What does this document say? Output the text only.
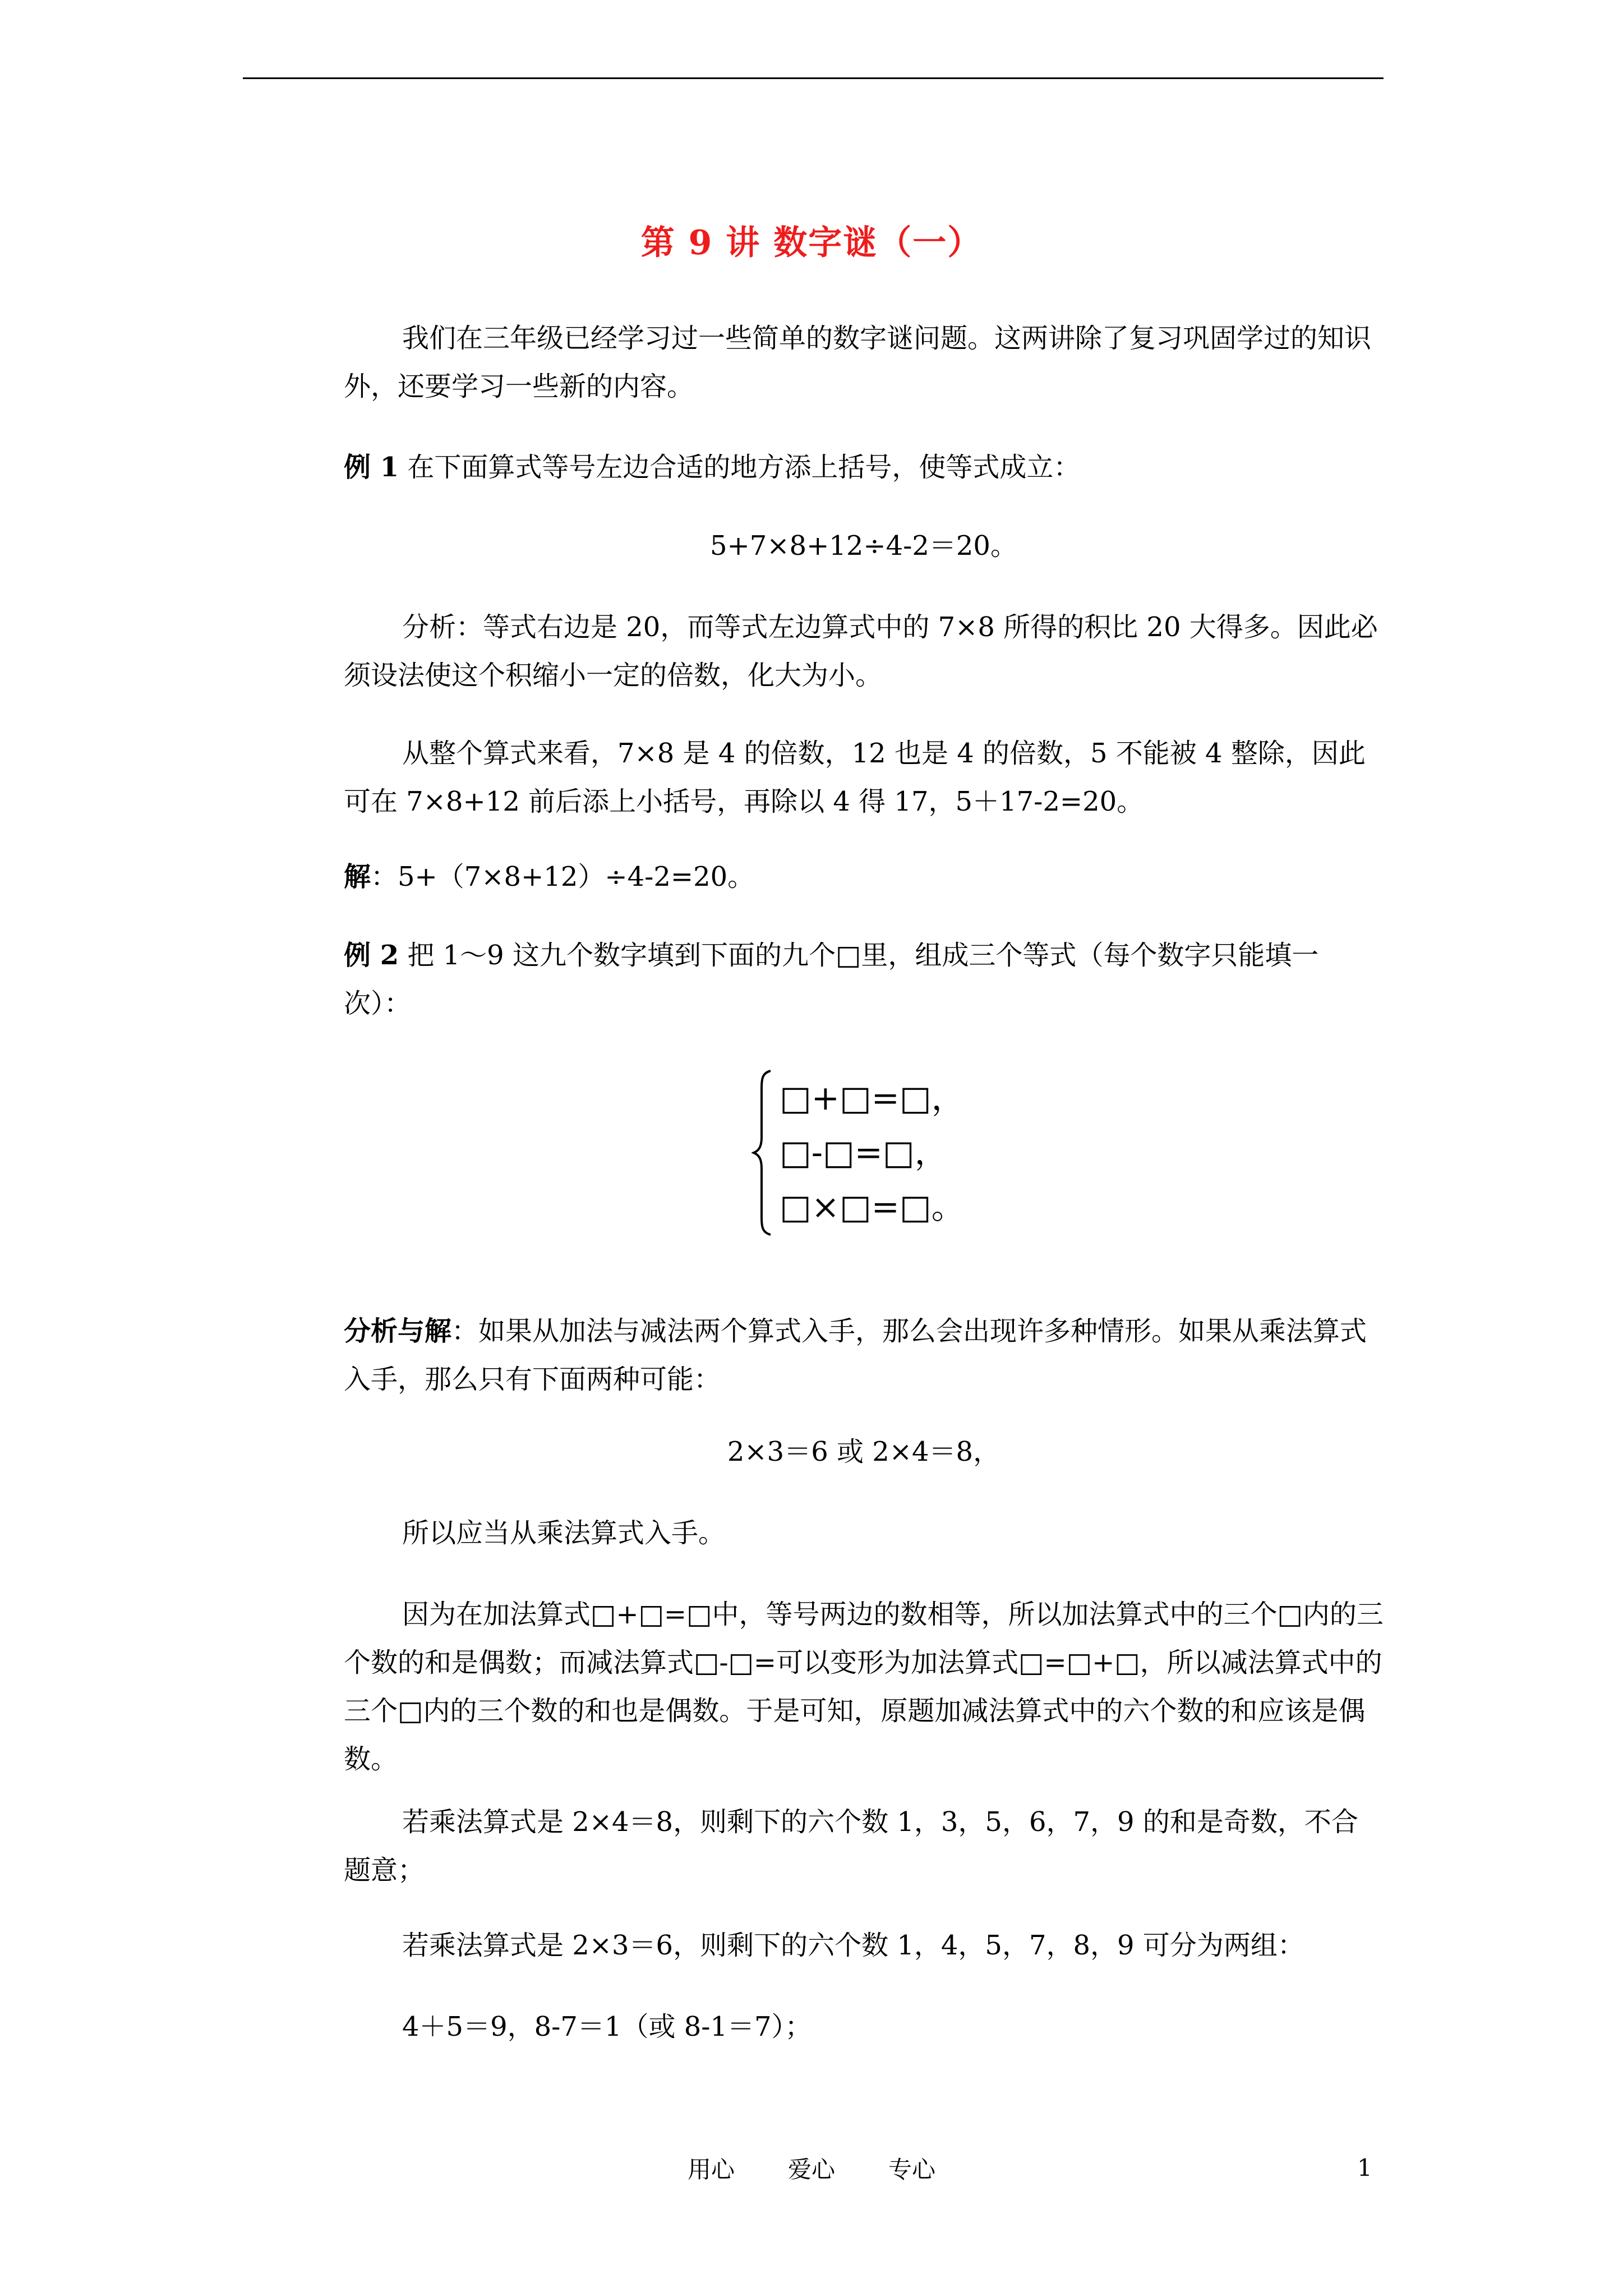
第 9 讲 数字谜（一）

我们在三年级已经学习过一些简单的数字谜问题。这两讲除了复习巩固学过的知识外，还要学习一些新的内容。

例 1 在下面算式等号左边合适的地方添上括号，使等式成立：

5+7×8+12÷4-2＝20。

分析：等式右边是 20，而等式左边算式中的 7×8 所得的积比 20 大得多。因此必须设法使这个积缩小一定的倍数，化大为小。

从整个算式来看，7×8 是 4 的倍数，12 也是 4 的倍数，5 不能被 4 整除，因此可在 7×8+12 前后添上小括号，再除以 4 得 17，5＋17-2=20。

解：5+（7×8+12）÷4-2=20。

例 2 把 1～9 这九个数字填到下面的九个□里，组成三个等式（每个数字只能填一次）：

□+□=□，
□-□=□，
□×□=□。

分析与解：如果从加法与减法两个算式入手，那么会出现许多种情形。如果从乘法算式入手，那么只有下面两种可能：

2×3＝6 或 2×4＝8，

所以应当从乘法算式入手。

因为在加法算式□+□=□中，等号两边的数相等，所以加法算式中的三个□内的三个数的和是偶数；而减法算式□-□=可以变形为加法算式□=□+□，所以减法算式中的三个□内的三个数的和也是偶数。于是可知，原题加减法算式中的六个数的和应该是偶数。

若乘法算式是 2×4＝8，则剩下的六个数 1，3，5，6，7，9 的和是奇数，不合题意；

若乘法算式是 2×3＝6，则剩下的六个数 1，4，5，7，8，9 可分为两组：

4＋5＝9，8-7＝1（或 8-1＝7）；

用心 爱心 专心	1
